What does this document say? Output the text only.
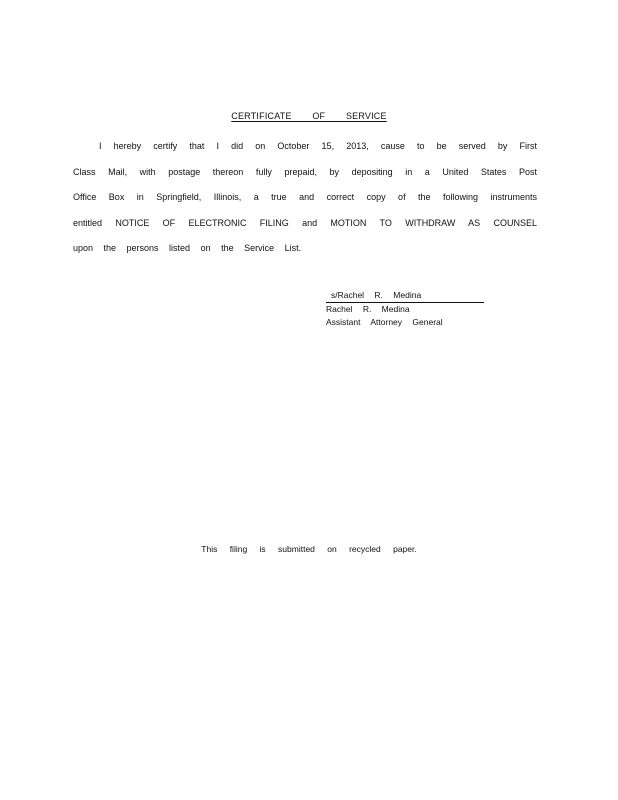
CERTIFICATE OF SERVICE

I hereby certify that I did on October 15, 2013, cause to be served by First Class Mail, with postage thereon fully prepaid, by depositing in a United States Post Office Box in Springfield, Illinois, a true and correct copy of the following instruments entitled NOTICE OF ELECTRONIC FILING and MOTION TO WITHDRAW AS COUNSEL upon the persons listed on the Service List.

s/Rachel R. Medina
Rachel R. Medina
Assistant Attorney General
This filing is submitted on recycled paper.
